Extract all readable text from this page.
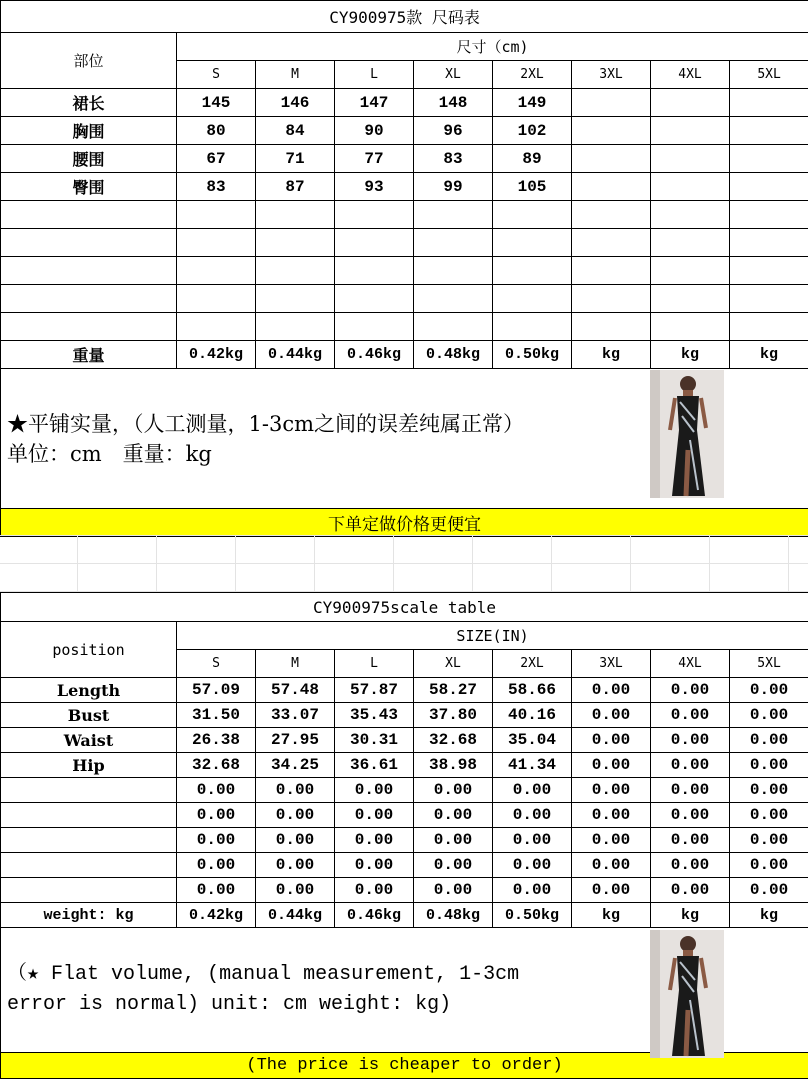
CY900975款 尺码表								
部位	尺寸（cm)							
	S	M	L	XL	2XL	3XL	4XL	5XL
裙长	145	146	147	148	149			
胸围	80	84	90	96	102			
腰围	67	71	77	83	89			
臀围	83	87	93	99	105			

重量	0.42kg	0.44kg	0.46kg	0.48kg	0.50kg	kg	kg	kg

★平铺实量，（人工测量，1-3cm之间的误差纯属正常）
单位：cm　重量：kg								

下单定做价格更便宜								
CY900975scale table								
position	SIZE(IN)							
	S	M	L	XL	2XL	3XL	4XL	5XL
Length	57.09	57.48	57.87	58.27	58.66	0.00	0.00	0.00
Bust	31.50	33.07	35.43	37.80	40.16	0.00	0.00	0.00
Waist	26.38	27.95	30.31	32.68	35.04	0.00	0.00	0.00
Hip	32.68	34.25	36.61	38.98	41.34	0.00	0.00	0.00
	0.00	0.00	0.00	0.00	0.00	0.00	0.00	0.00
	0.00	0.00	0.00	0.00	0.00	0.00	0.00	0.00
	0.00	0.00	0.00	0.00	0.00	0.00	0.00	0.00
	0.00	0.00	0.00	0.00	0.00	0.00	0.00	0.00
	0.00	0.00	0.00	0.00	0.00	0.00	0.00	0.00
weight: kg	0.42kg	0.44kg	0.46kg	0.48kg	0.50kg	kg	kg	kg

（★ Flat volume, (manual measurement, 1-3cm
error is normal) unit: cm weight: kg)								

(The price is cheaper to order)								
